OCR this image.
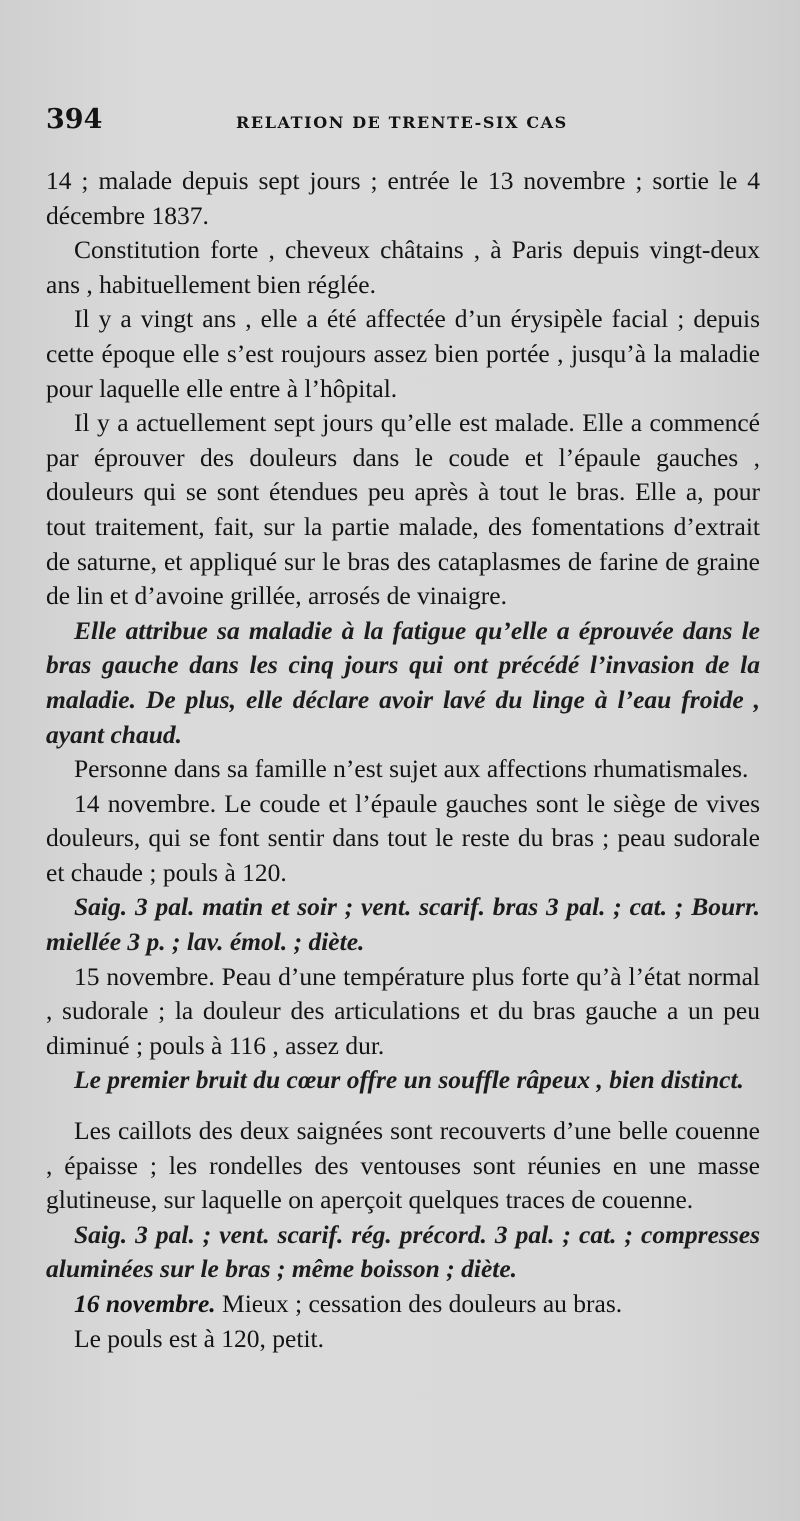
394	RELATION DE TRENTE-SIX CAS

14 ; malade depuis sept jours ; entrée le 13 novembre ; sortie le 4 décembre 1837.

Constitution forte , cheveux châtains , à Paris depuis vingt-deux ans , habituellement bien réglée.

Il y a vingt ans , elle a été affectée d’un érysipèle facial ; depuis cette époque elle s’est roujours assez bien portée , jusqu’à la maladie pour laquelle elle entre à l’hôpital.

Il y a actuellement sept jours qu’elle est malade. Elle a commencé par éprouver des douleurs dans le coude et l’épaule gauches , douleurs qui se sont étendues peu après à tout le bras. Elle a, pour tout traitement, fait, sur la partie malade, des fomentations d’extrait de saturne, et appliqué sur le bras des cataplasmes de farine de graine de lin et d’avoine grillée, arrosés de vinaigre.

Elle attribue sa maladie à la fatigue qu’elle a éprouvée dans le bras gauche dans les cinq jours qui ont précédé l’invasion de la maladie. De plus, elle déclare avoir lavé du linge à l’eau froide , ayant chaud.

Personne dans sa famille n’est sujet aux affections rhumatismales.

14 novembre. Le coude et l’épaule gauches sont le siège de vives douleurs, qui se font sentir dans tout le reste du bras ; peau sudorale et chaude ; pouls à 120.

Saig. 3 pal. matin et soir ; vent. scarif. bras 3 pal. ; cat. ; Bourr. miellée 3 p. ; lav. émol. ; diète.

15 novembre. Peau d’une température plus forte qu’à l’état normal , sudorale ; la douleur des articulations et du bras gauche a un peu diminué ; pouls à 116 , assez dur.

Le premier bruit du cœur offre un souffle râpeux , bien distinct.

Les caillots des deux saignées sont recouverts d’une belle couenne , épaisse ; les rondelles des ventouses sont réunies en une masse glutineuse, sur laquelle on aperçoit quelques traces de couenne.

Saig. 3 pal. ; vent. scarif. rég. précord. 3 pal. ; cat. ; compresses aluminées sur le bras ; même boisson ; diète.

16 novembre. Mieux ; cessation des douleurs au bras.

Le pouls est à 120, petit.
